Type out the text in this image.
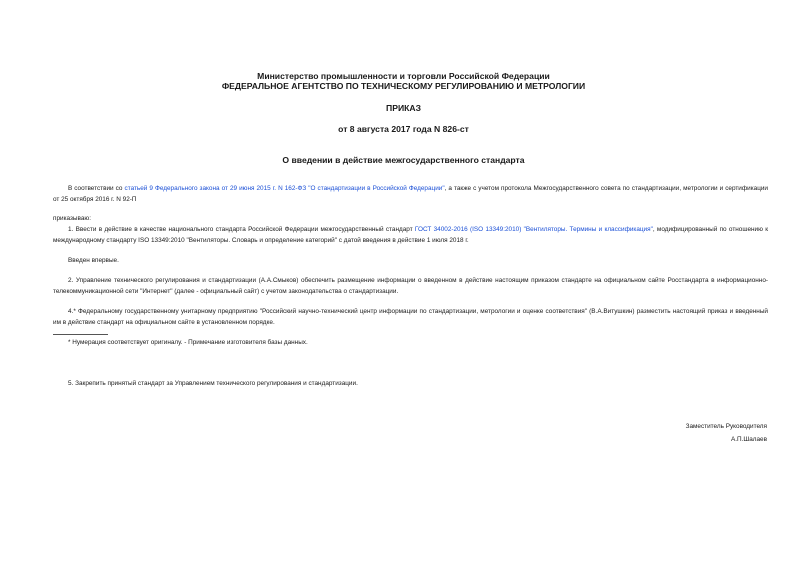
Министерство промышленности и торговли Российской Федерации
ФЕДЕРАЛЬНОЕ АГЕНТСТВО ПО ТЕХНИЧЕСКОМУ РЕГУЛИРОВАНИЮ И МЕТРОЛОГИИ
ПРИКАЗ
от 8 августа 2017 года N 826-ст
О введении в действие межгосударственного стандарта
В соответствии со статьей 9 Федерального закона от 29 июня 2015 г. N 162-ФЗ "О стандартизации в Российской Федерации", а также с учетом протокола Межгосударственного совета по стандартизации, метрологии и сертификации от 25 октября 2016 г. N 92-П
приказываю:
1. Ввести в действие в качестве национального стандарта Российской Федерации межгосударственный стандарт ГОСТ 34002-2016 (ISO 13349:2010) "Вентиляторы. Термины и классификация", модифицированный по отношению к международному стандарту ISO 13349:2010 "Вентиляторы. Словарь и определение категорий" с датой введения в действие 1 июля 2018 г.
Введен впервые.
2. Управление технического регулирования и стандартизации (А.А.Смыков) обеспечить размещение информации о введенном в действие настоящим приказом стандарте на официальном сайте Росстандарта в информационно-телекоммуникационной сети "Интернет" (далее - официальный сайт) с учетом законодательства о стандартизации.
4.* Федеральному государственному унитарному предприятию "Российский научно-технический центр информации по стандартизации, метрологии и оценке соответствия" (В.А.Витушкин) разместить настоящий приказ и введенный им в действие стандарт на официальном сайте в установленном порядке.
* Нумерация соответствует оригиналу. - Примечание изготовителя базы данных.
5. Закрепить принятый стандарт за Управлением технического регулирования и стандартизации.
Заместитель Руководителя
А.П.Шалаев
